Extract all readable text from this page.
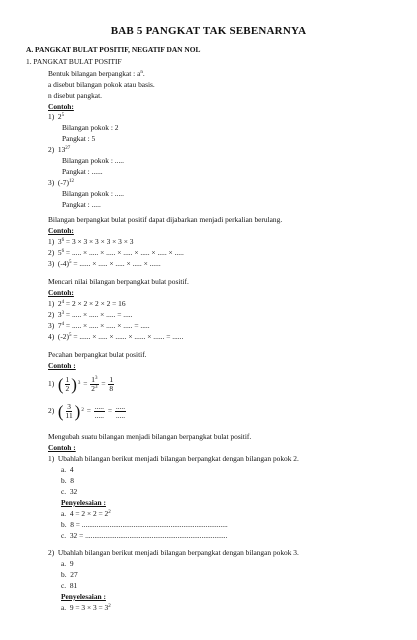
BAB 5 PANGKAT TAK SEBENARNYA
A. PANGKAT BULAT POSITIF, NEGATIF DAN NOL
1. PANGKAT BULAT POSITIF
Bentuk bilangan berpangkat : $a^n$.
a disebut bilangan pokok atau basis.
n disebut pangkat.
Contoh:
1) $2^5$
Bilangan pokok : 2
Pangkat : 5
2) $13^{27}$
Bilangan pokok : .....
Pangkat : ......
3) $(-7)^{12}$
Bilangan pokok : .....
Pangkat : .....
Bilangan berpangkat bulat positif dapat dijabarkan menjadi perkalian berulang.
Contoh:
1) $3^6 = 3 \times 3 \times 3 \times 3 \times 3 \times 3$
2) $5^6$ = ..... × ..... × ..... × ..... × ..... × ..... × .....
3) $(-4)^5$ = ...... × ..... × ..... × ..... × ......
Mencari nilai bilangan berpangkat bulat positif.
Contoh:
1) $2^4 = 2 \times 2 \times 2 \times 2 = 16$
2) $3^3$ = ..... × ..... × ..... = .....
3) $7^4$ = ..... × ..... × ..... × ..... = .....
4) $(-2)^5$ = ...... × ..... × ...... × ...... × ...... = ......
Pecahan berpangkat bulat positif.
Contoh :
1)
( $\frac{1}{2}$ ) $3 = \frac{1^3}{2^3} = \frac{1}{8}$
2)
( $\frac{3}{11}$ ) $2 = \frac{.....}{.....} = \frac{.....}{.....}$
Mengubah suatu bilangan menjadi bilangan berpangkat bulat positif.
Contoh :
1) Ubahlah bilangan berikut menjadi bilangan berpangkat dengan bilangan pokok 2.
a. 4
b. 8
c. 32
Penyelesaian :
a. $4 = 2 \times 2 = 2^2$
b. 8 = ...............................................................................
c. 32 = .............................................................................
2) Ubahlah bilangan berikut menjadi bilangan berpangkat dengan bilangan pokok 3.
a. 9
b. 27
c. 81
Penyelesaian :
a. $9 = 3 \times 3 = 3^2$
